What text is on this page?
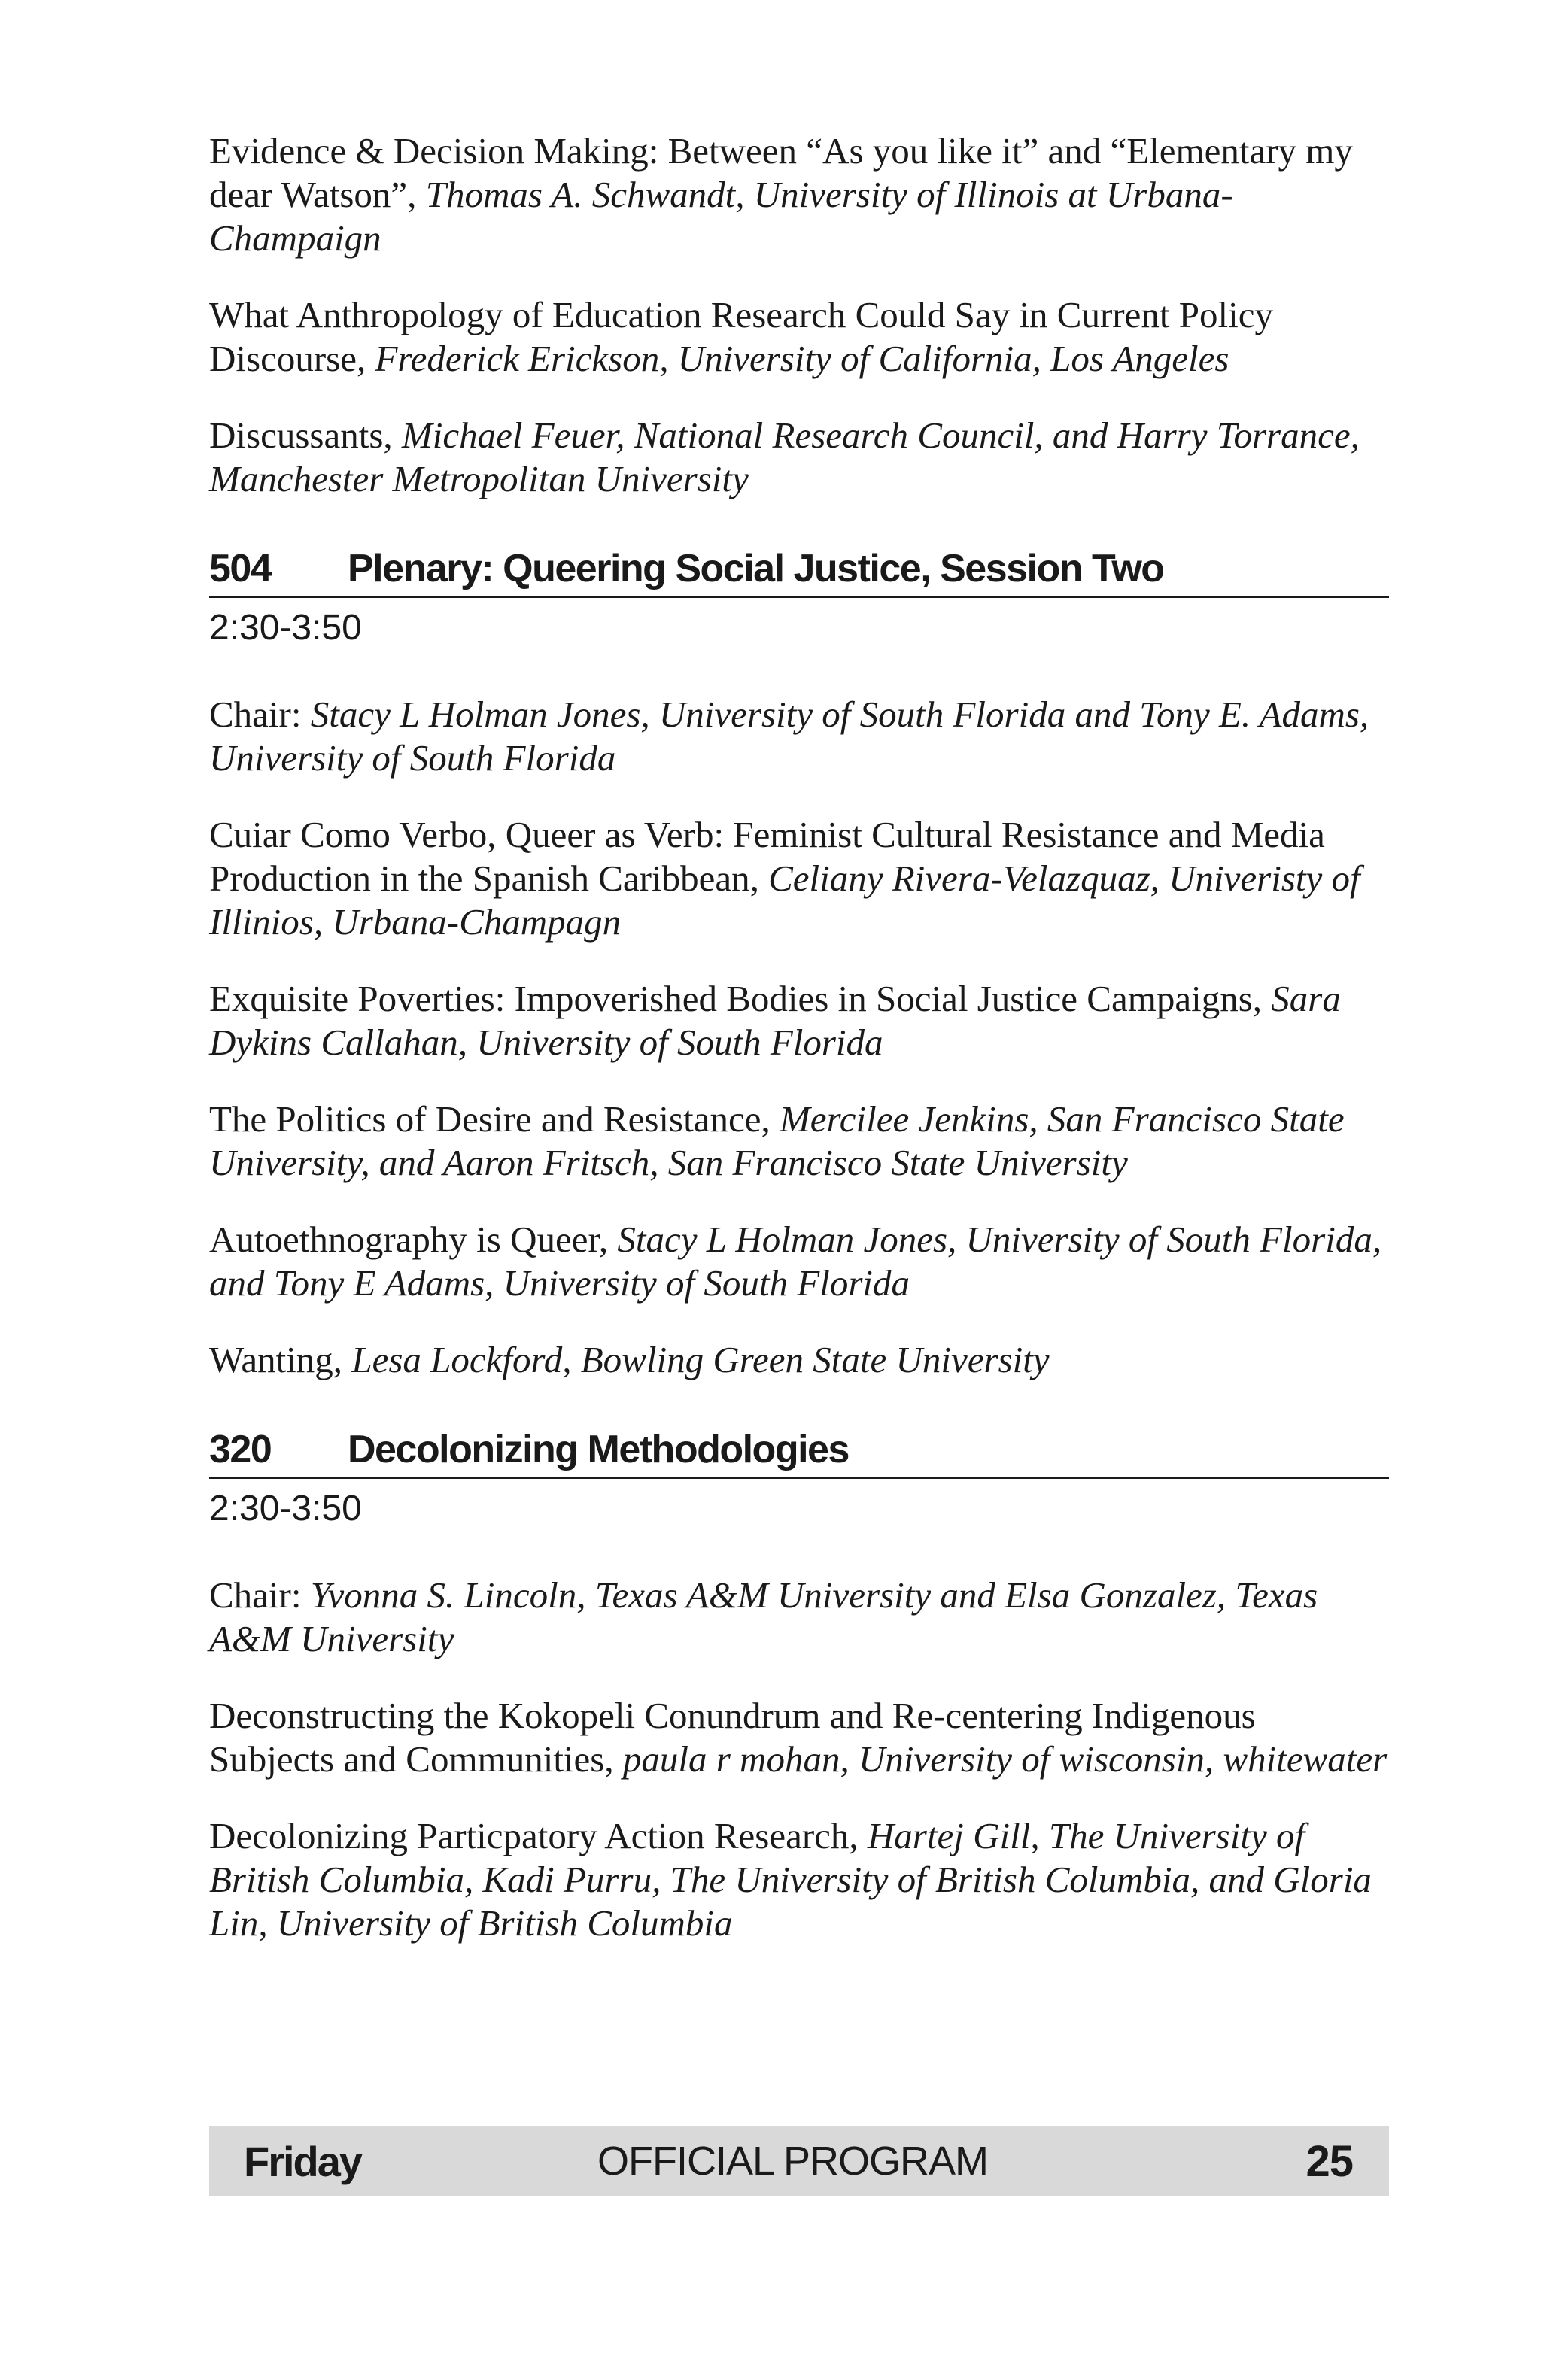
Evidence & Decision Making: Between “As you like it” and “Elementary my dear Watson”, Thomas A. Schwandt, University of Illinois at Urbana-Champaign

What Anthropology of Education Research Could Say in Current Policy Discourse, Frederick Erickson, University of California, Los Angeles

Discussants, Michael Feuer, National Research Council, and Harry Torrance, Manchester Metropolitan University

504	Plenary: Queering Social Justice, Session Two
2:30-3:50

Chair: Stacy L Holman Jones, University of South Florida and Tony E. Adams, University of South Florida

Cuiar Como Verbo, Queer as Verb: Feminist Cultural Resistance and Media Production in the Spanish Caribbean, Celiany Rivera-Velazquaz, Univeristy of Illinios, Urbana-Champagn

Exquisite Poverties: Impoverished Bodies in Social Justice Campaigns, Sara Dykins Callahan, University of South Florida

The Politics of Desire and Resistance, Mercilee Jenkins, San Francisco State University, and Aaron Fritsch, San Francisco State University

Autoethnography is Queer, Stacy L Holman Jones, University of South Florida, and Tony E Adams, University of South Florida

Wanting, Lesa Lockford, Bowling Green State University

320	Decolonizing Methodologies
2:30-3:50

Chair: Yvonna S. Lincoln, Texas A&M University and Elsa Gonzalez, Texas A&M University

Deconstructing the Kokopeli Conundrum and Re-centering Indigenous Subjects and Communities, paula r mohan, University of wisconsin, whitewater

Decolonizing Particpatory Action Research, Hartej Gill, The University of British Columbia, Kadi Purru, The University of British Columbia, and Gloria Lin, University of British Columbia

Friday	OFFICIAL PROGRAM	25
